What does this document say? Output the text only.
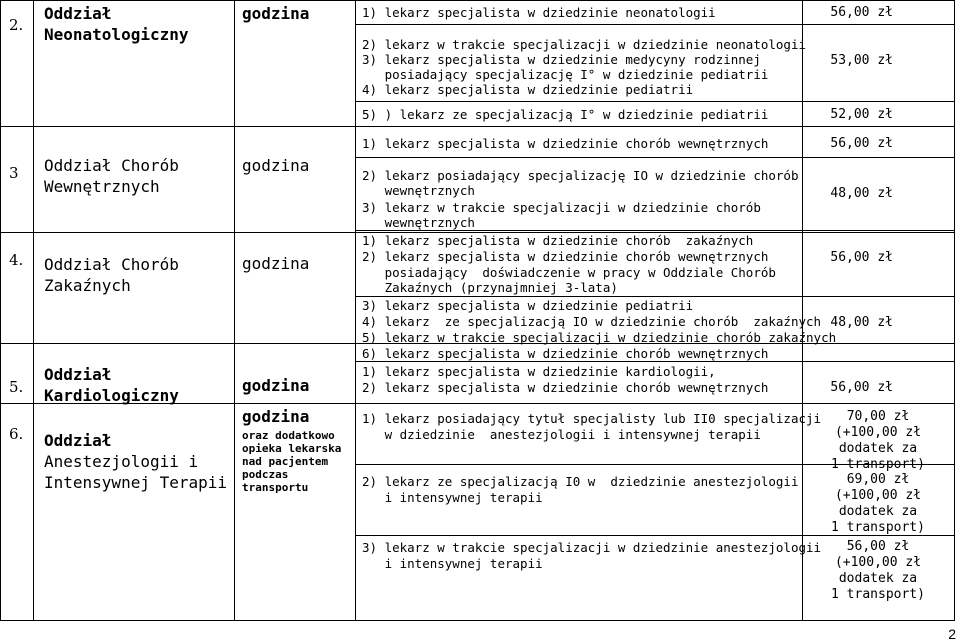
2.
Oddział
Neonatologiczny
godzina	1) lekarz specjalista w dziedzinie neonatologii
2) lekarz w trakcie specjalizacji w dziedzinie neonatologii
3) lekarz specjalista w dziedzinie medycyny rodzinnej
posiadający specjalizację I° w dziedzinie pediatrii
4) lekarz specjalista w dziedzinie pediatrii
5) ) lekarz ze specjalizacją I° w dziedzinie pediatrii
56,00 zł
53,00 zł
52,00 zł
3 Oddział Chorób
Wewnętrznych
godzina
1) lekarz specjalista w dziedzinie chorób wewnętrznych
2) lekarz posiadający specjalizację IO w dziedzinie chorób
wewnętrznych
3) lekarz w trakcie specjalizacji w dziedzinie chorób
wewnętrznych
56,00 zł
48,00 zł
4. Oddział Chorób
Zakaźnych
godzina
1) lekarz specjalista w dziedzinie chorób  zakaźnych
2) lekarz specjalista w dziedzinie chorób wewnętrznych
posiadający  doświadczenie w pracy w Oddziale Chorób
Zakaźnych (przynajmniej 3-lata)
3) lekarz specjalista w dziedzinie pediatrii
4) lekarz  ze specjalizacją IO w dziedzinie chorób  zakaźnych
5) lekarz w trakcie specjalizacji w dziedzinie chorób zakaźnych
6) lekarz specjalista w dziedzinie chorób wewnętrznych
56,00 zł
48,00 zł
5.
Oddział
Kardiologiczny
godzina
1) lekarz specjalista w dziedzinie kardiologii,
2) lekarz specjalista w dziedzinie chorób wewnętrznych	56,00 zł
6. Oddział
Anestezjologii i
Intensywnej Terapii
godzina
oraz dodatkowo
opieka lekarska
nad pacjentem
podczas
transportu
1) lekarz posiadający tytuł specjalisty lub II0 specjalizacji
w dziedzinie  anestezjologii i intensywnej terapii
2) lekarz ze specjalizacją I0 w  dziedzinie anestezjologii
i intensywnej terapii
3) lekarz w trakcie specjalizacji w dziedzinie anestezjologii
i intensywnej terapii
70,00 zł
(+100,00 zł
dodatek za
1 transport)
69,00 zł
(+100,00 zł
dodatek za
1 transport)
56,00 zł
(+100,00 zł
dodatek za
1 transport)
2
